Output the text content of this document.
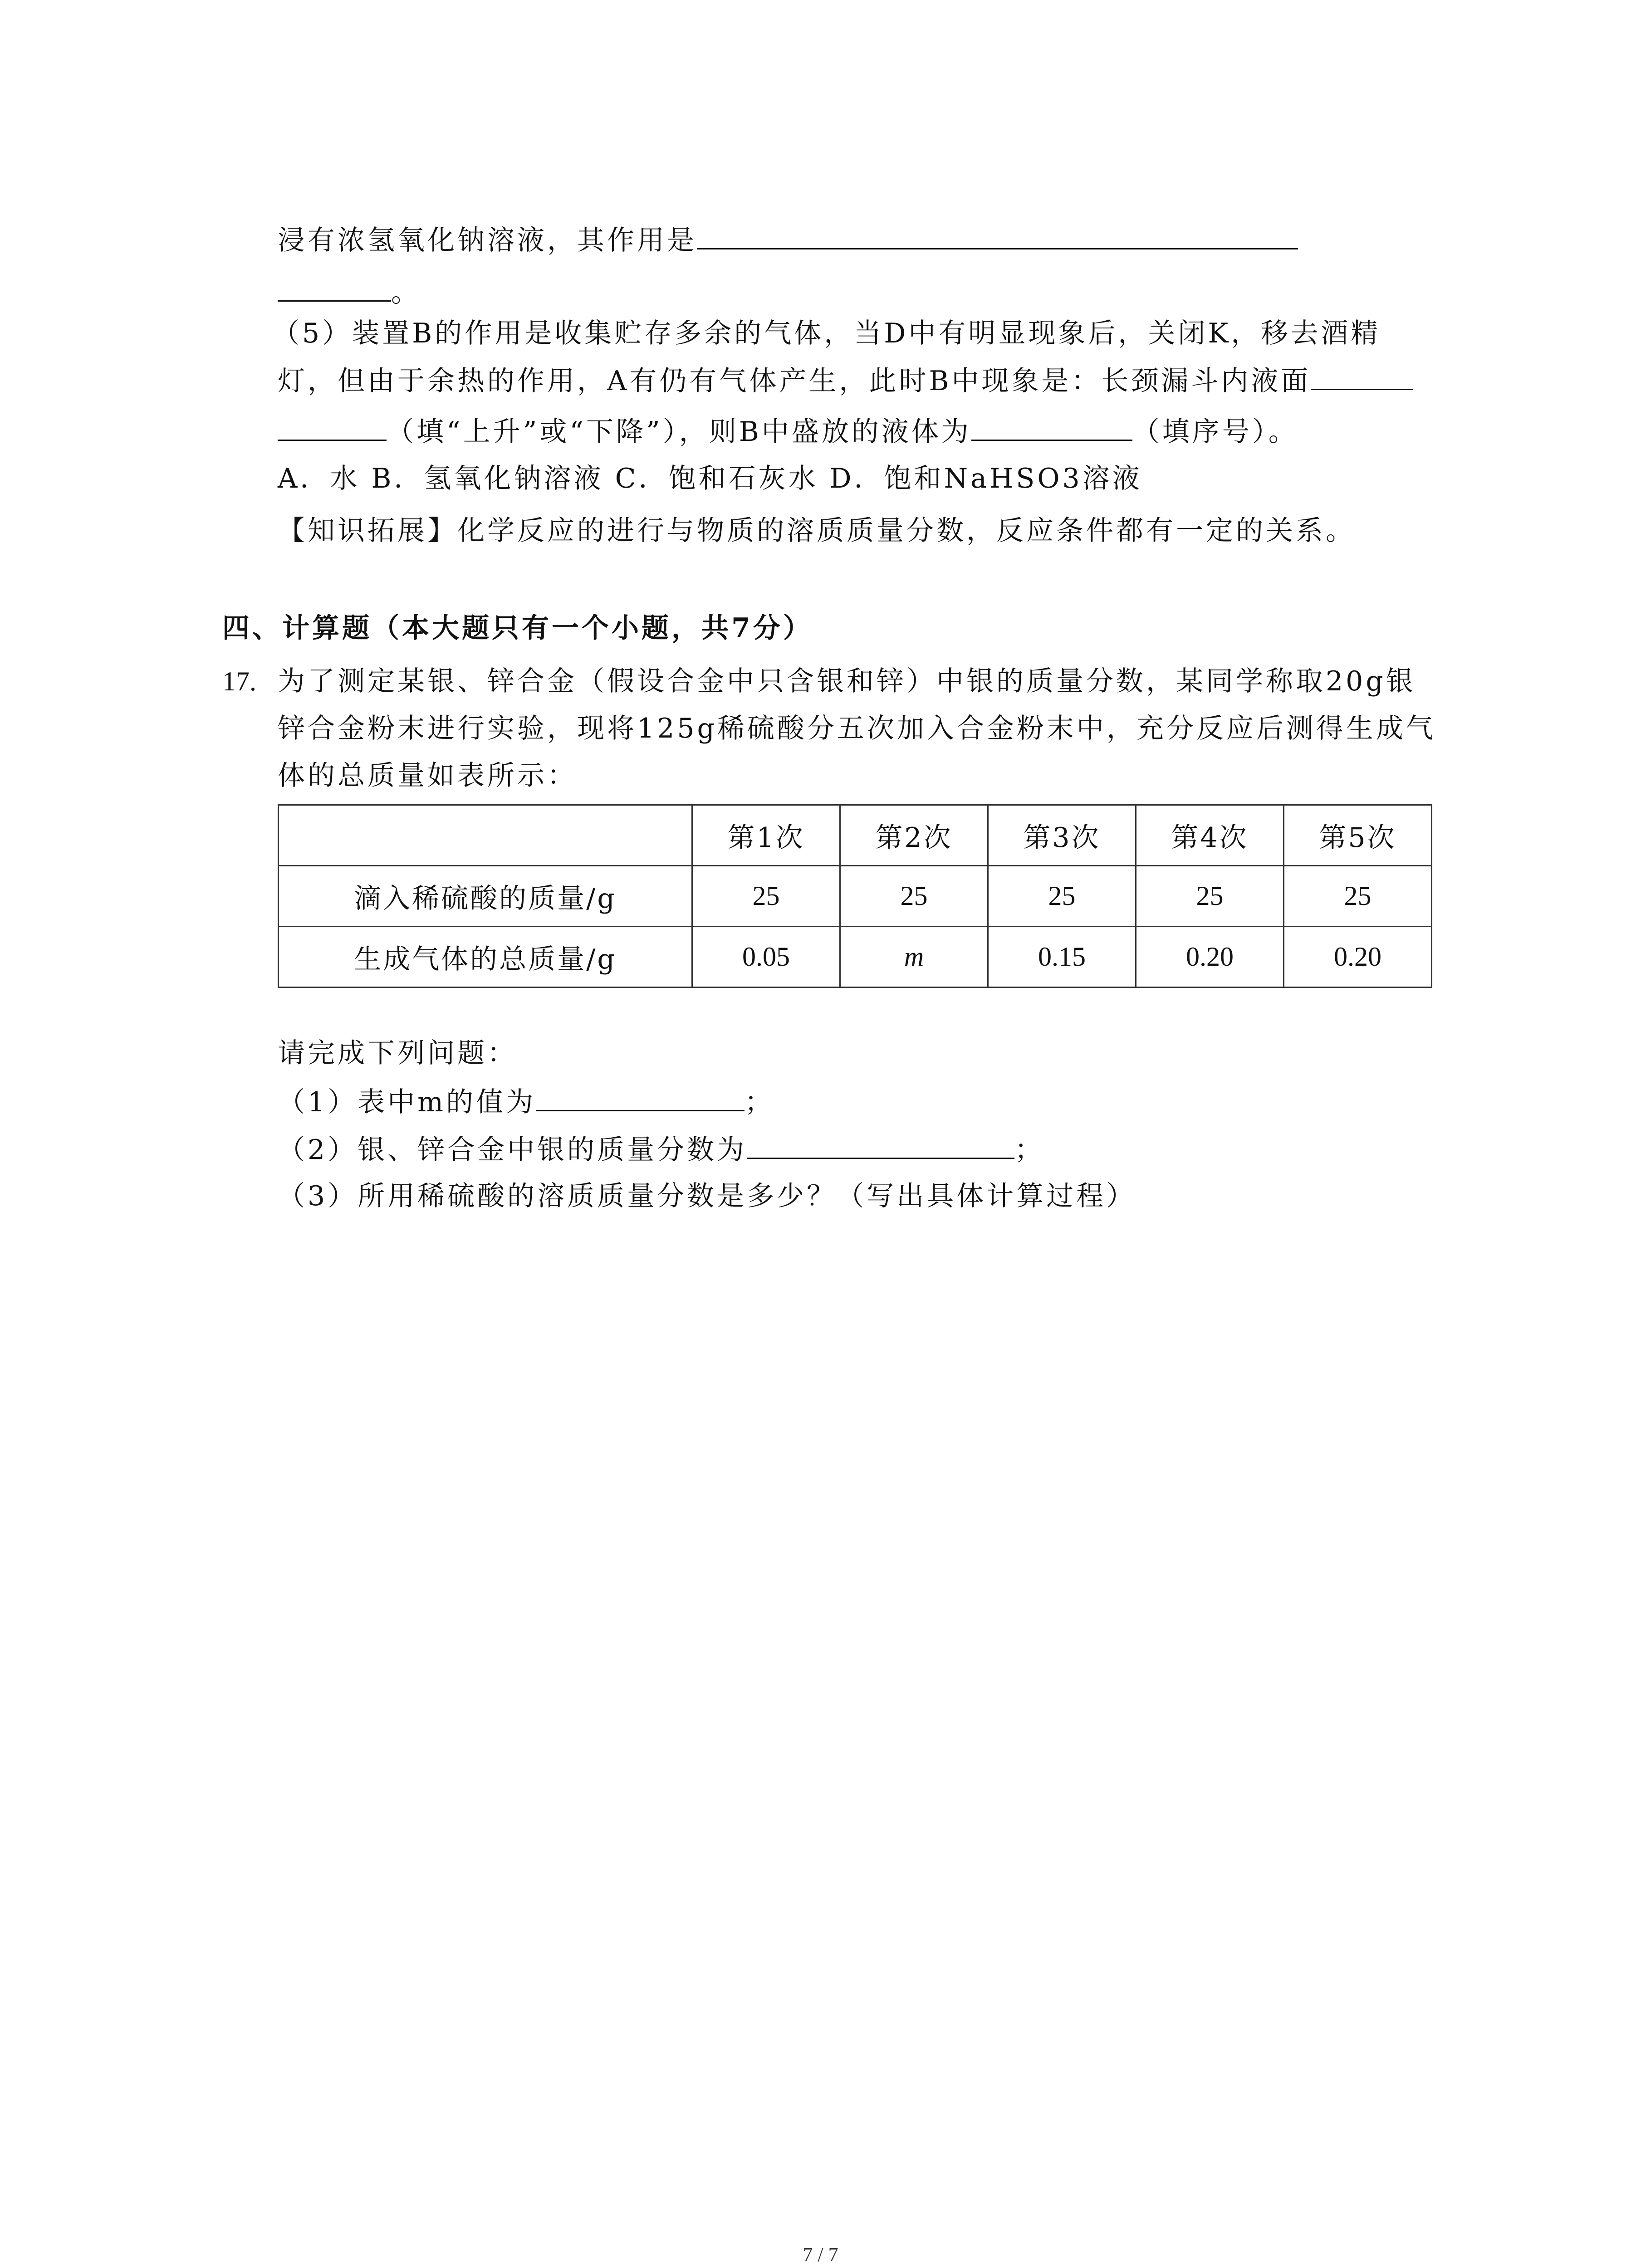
浸有浓氢氧化钠溶液，其作用是
。
（5）装置B的作用是收集贮存多余的气体，当D中有明显现象后，关闭K，移去酒精
灯，但由于余热的作用，A有仍有气体产生，此时B中现象是：长颈漏斗内液面
（填“上升”或“下降”），则B中盛放的液体为	（填序号）。
A．水 B．氢氧化钠溶液 C．饱和石灰水 D．饱和NaHSO3溶液
【知识拓展】化学反应的进行与物质的溶质质量分数，反应条件都有一定的关系。
四、计算题（本大题只有一个小题，共7分）
17. 为了测定某银、锌合金（假设合金中只含银和锌）中银的质量分数，某同学称取20g银
锌合金粉末进行实验，现将125g稀硫酸分五次加入合金粉末中，充分反应后测得生成气
体的总质量如表所示：
	第1次	第2次	第3次	第4次	第5次
滴入稀硫酸的质量/g	25	25	25	25	25
生成气体的总质量/g	0.05	m	0.15	0.20	0.20
请完成下列问题：
（1）表中m的值为	；
（2）银、锌合金中银的质量分数为	；
（3）所用稀硫酸的溶质质量分数是多少？（写出具体计算过程）
7 / 7
